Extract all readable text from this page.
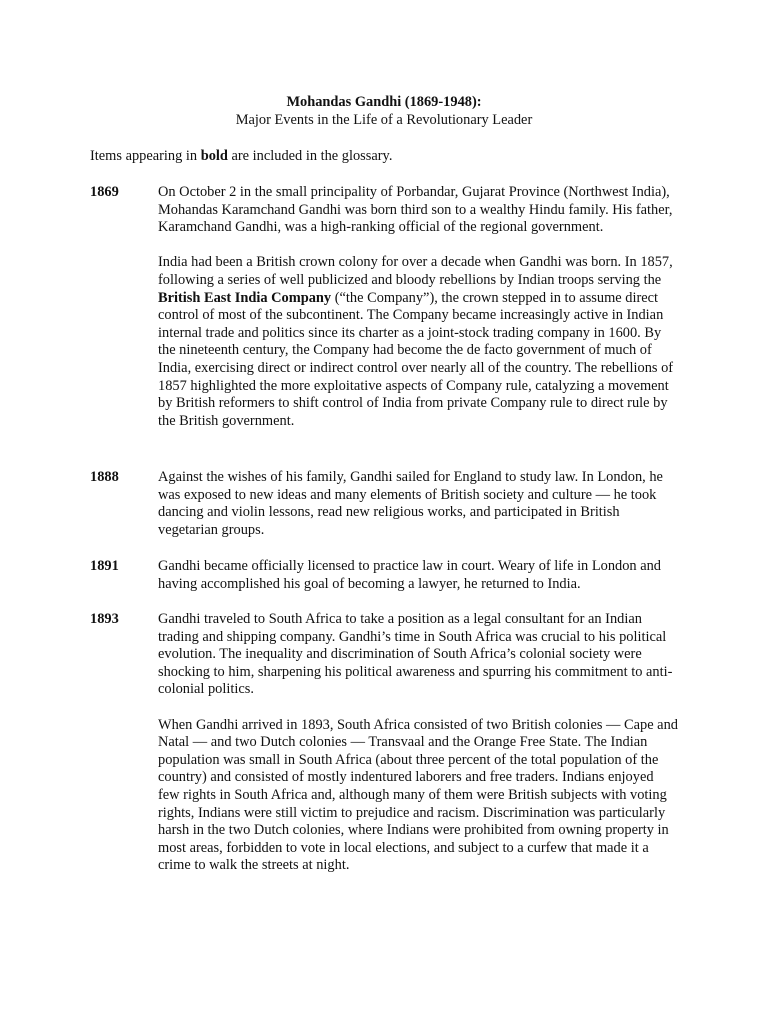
Mohandas Gandhi (1869-1948):

Major Events in the Life of a Revolutionary Leader

Items appearing in bold are included in the glossary.

1869	On October 2 in the small principality of Porbandar, Gujarat Province (Northwest India), Mohandas Karamchand Gandhi was born third son to a wealthy Hindu family. His father, Karamchand Gandhi, was a high-ranking official of the regional government.

India had been a British crown colony for over a decade when Gandhi was born. In 1857, following a series of well publicized and bloody rebellions by Indian troops serving the British East India Company (“the Company”), the crown stepped in to assume direct control of most of the subcontinent. The Company became increasingly active in Indian internal trade and politics since its charter as a joint-stock trading company in 1600. By the nineteenth century, the Company had become the de facto government of much of India, exercising direct or indirect control over nearly all of the country. The rebellions of 1857 highlighted the more exploitative aspects of Company rule, catalyzing a movement by British reformers to shift control of India from private Company rule to direct rule by the British government.

1888	Against the wishes of his family, Gandhi sailed for England to study law. In London, he was exposed to new ideas and many elements of British society and culture — he took dancing and violin lessons, read new religious works, and participated in British vegetarian groups.

1891	Gandhi became officially licensed to practice law in court. Weary of life in London and having accomplished his goal of becoming a lawyer, he returned to India.

1893	Gandhi traveled to South Africa to take a position as a legal consultant for an Indian trading and shipping company. Gandhi’s time in South Africa was crucial to his political evolution. The inequality and discrimination of South Africa’s colonial society were shocking to him, sharpening his political awareness and spurring his commitment to anti-colonial politics.

When Gandhi arrived in 1893, South Africa consisted of two British colonies — Cape and Natal — and two Dutch colonies — Transvaal and the Orange Free State. The Indian population was small in South Africa (about three percent of the total population of the country) and consisted of mostly indentured laborers and free traders. Indians enjoyed few rights in South Africa and, although many of them were British subjects with voting rights, Indians were still victim to prejudice and racism. Discrimination was particularly harsh in the two Dutch colonies, where Indians were prohibited from owning property in most areas, forbidden to vote in local elections, and subject to a curfew that made it a crime to walk the streets at night.
